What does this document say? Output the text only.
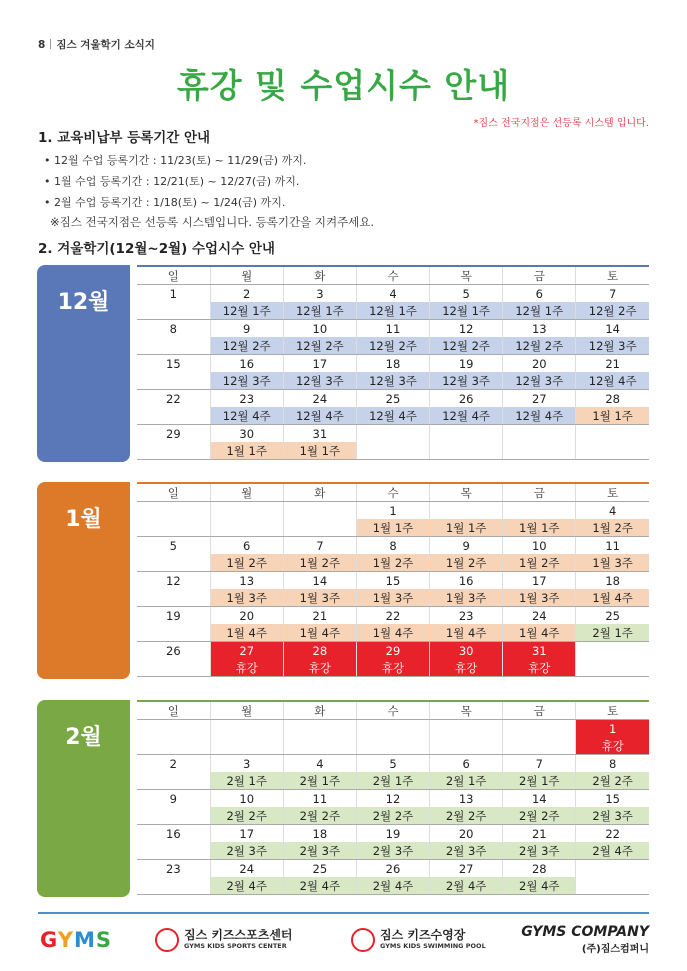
8 짐스 겨울학기 소식지
휴강 및 수업시수 안내
*짐스 전국지점은 선등록 시스템 입니다.
1. 교육비납부 등록기간 안내
• 12월 수업 등록기간 : 11/23(토) ~ 11/29(금) 까지.
• 1월 수업 등록기간 : 12/21(토) ~ 12/27(금) 까지.
• 2월 수업 등록기간 : 1/18(토) ~ 1/24(금) 까지.
※짐스 전국지점은 선등록 시스템입니다. 등록기간을 지켜주세요.
2. 겨울학기(12월~2월) 수업시수 안내
12월
일	월	화	수	목	금	토
1	2	3	4	5	6	7
	12월 1주	12월 1주	12월 1주	12월 1주	12월 1주	12월 2주
8	9	10	11	12	13	14
	12월 2주	12월 2주	12월 2주	12월 2주	12월 2주	12월 3주
15	16	17	18	19	20	21
	12월 3주	12월 3주	12월 3주	12월 3주	12월 3주	12월 4주
22	23	24	25	26	27	28
	12월 4주	12월 4주	12월 4주	12월 4주	12월 4주	1월 1주
29	30	31				
	1월 1주	1월 1주				
1월
일	월	화	수	목	금	토
			1			4
			1월 1주	1월 1주	1월 1주	1월 2주
5	6	7	8	9	10	11
	1월 2주	1월 2주	1월 2주	1월 2주	1월 2주	1월 3주
12	13	14	15	16	17	18
	1월 3주	1월 3주	1월 3주	1월 3주	1월 3주	1월 4주
19	20	21	22	23	24	25
	1월 4주	1월 4주	1월 4주	1월 4주	1월 4주	2월 1주
26	27	28	29	30	31	
	휴강	휴강	휴강	휴강	휴강	
2월
일	월	화	수	목	금	토
						1
						휴강
2	3	4	5	6	7	8
	2월 1주	2월 1주	2월 1주	2월 1주	2월 1주	2월 2주
9	10	11	12	13	14	15
	2월 2주	2월 2주	2월 2주	2월 2주	2월 2주	2월 3주
16	17	18	19	20	21	22
	2월 3주	2월 3주	2월 3주	2월 3주	2월 3주	2월 4주
23	24	25	26	27	28	
	2월 4주	2월 4주	2월 4주	2월 4주	2월 4주	
GYMS	짐스 키즈스포츠센터
GYMS KIDS SPORTS CENTER
짐스 키즈수영장
GYMS KIDS SWIMMING POOL
GYMS COMPANY
(주)짐스컴퍼니
